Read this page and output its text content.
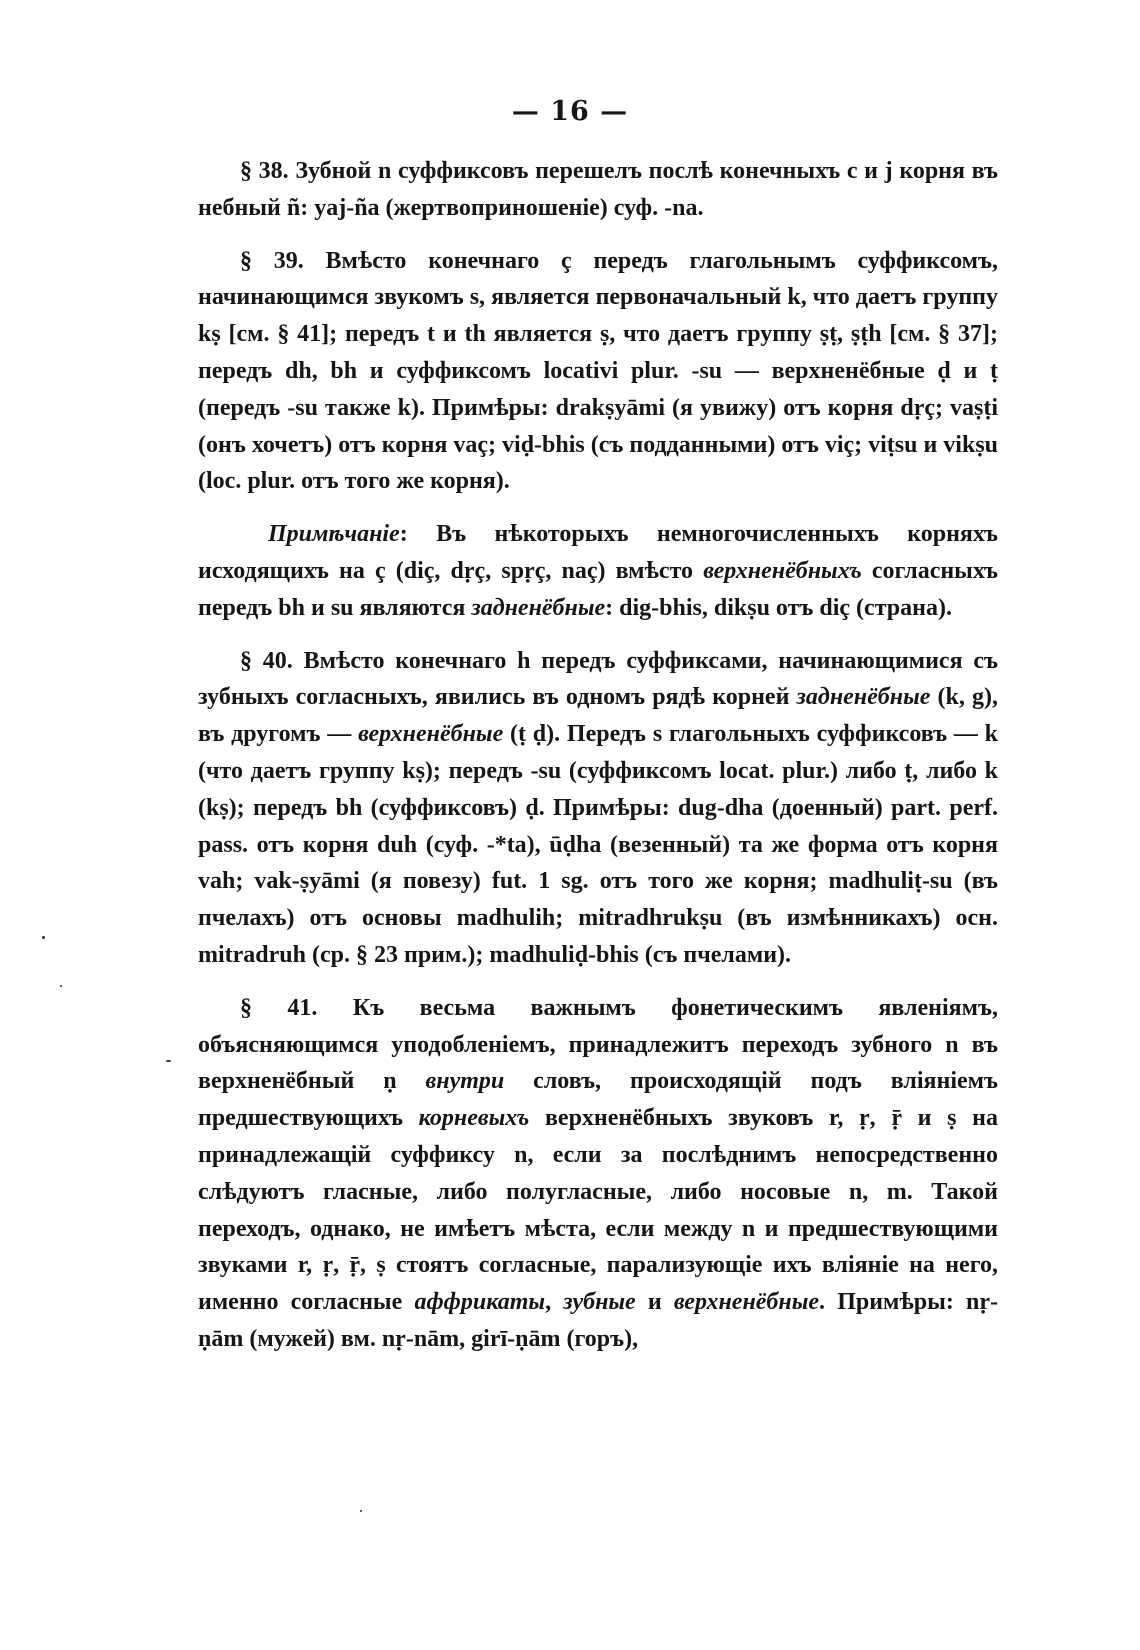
— 16 —

§ 38. Зубной n суффиксовъ перешелъ послѣ конечныхъ c и j корня въ небный ñ: yaj-ña (жертвоприношеніе) суф. -na.

§ 39. Вмѣсто конечнаго ç передъ глагольнымъ суффиксомъ, начинающимся звукомъ s, является первоначальный k, что даетъ группу kṣ [см. § 41]; передъ t и th является ṣ, что даетъ группу ṣṭ, ṣṭh [см. § 37]; передъ dh, bh и суффиксомъ locativi plur. -su — верхненёбные ḍ и ṭ (передъ -su также k). Примѣры: drakṣyāmi (я увижу) отъ корня dṛç; vaṣṭi (онъ хочетъ) отъ корня vaç; viḍ-bhis (съ подданными) отъ viç; viṭsu и vikṣu (loc. plur. отъ того же корня).

Примѣчаніе: Въ нѣкоторыхъ немногочисленныхъ корняхъ исходящихъ на ç (diç, dṛç, spṛç, naç) вмѣсто верхненёбныхъ согласныхъ передъ bh и su являются задненёбные: dig-bhis, dikṣu отъ diç (страна).

§ 40. Вмѣсто конечнаго h передъ суффиксами, начинающимися съ зубныхъ согласныхъ, явились въ одномъ рядѣ корней задненёбные (k, g), въ другомъ — верхненёбные (ṭ ḍ). Передъ s глагольныхъ суффиксовъ — k (что даетъ группу kṣ); передъ -su (суффиксомъ locat. plur.) либо ṭ, либо k (kṣ); передъ bh (суффиксовъ) ḍ. Примѣры: dug-dha (доенный) part. perf. pass. отъ корня duh (суф. -*ta), ūḍha (везенный) та же форма отъ корня vah; vak-ṣyāmi (я повезу) fut. 1 sg. отъ того же корня; madhuliṭ-su (въ пчелахъ) отъ основы madhulih; mitradhrukṣu (въ измѣнникахъ) осн. mitradruh (ср. § 23 прим.); madhuliḍ-bhis (съ пчелами).

§ 41. Къ весьма важнымъ фонетическимъ явленіямъ, объясняющимся уподобленіемъ, принадлежитъ переходъ зубного n въ верхненёбный ṇ внутри словъ, происходящій подъ вліяніемъ предшествующихъ корневыхъ верхненёбныхъ звуковъ r, ṛ, ṝ и ṣ на принадлежащій суффиксу n, если за послѣднимъ непосредственно слѣдуютъ гласные, либо полугласные, либо носовые n, m. Такой переходъ, однако, не имѣетъ мѣста, если между n и предшествующими звуками r, ṛ, ṝ, ṣ стоятъ согласные, парализующіе ихъ вліяніе на него, именно согласные аффрикаты, зубные и верхненёбные. Примѣры: nṛ-ṇām (мужей) вм. nṛ-nām, girī-ṇām (горъ),
